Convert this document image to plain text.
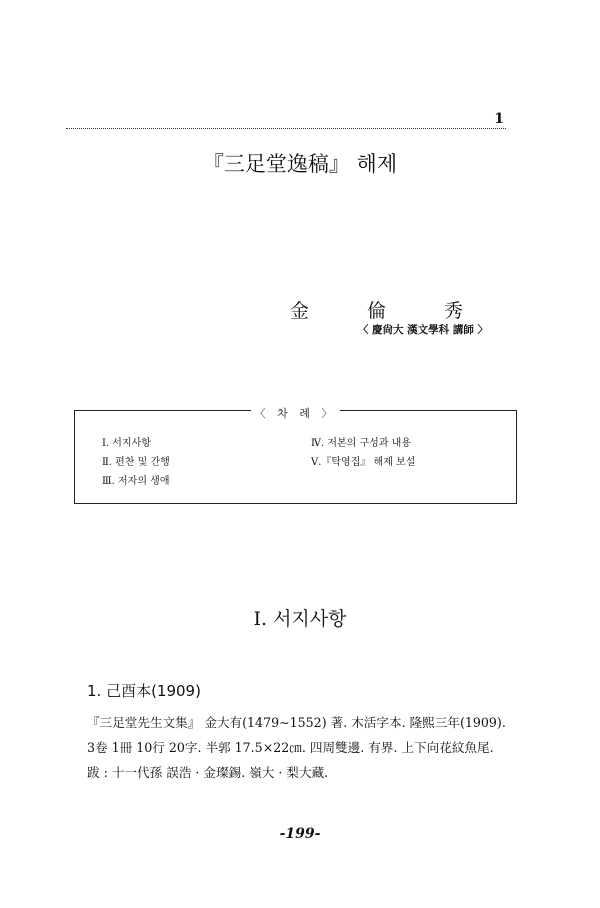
1
『三足堂逸稿』 해제
金 倫 秀
〈 慶尙大 漢文學科 講師 〉
〈 차 례 〉
Ⅰ. 서지사항
Ⅱ. 편찬 및 간행
Ⅲ. 저자의 생애
Ⅳ. 저본의 구성과 내용
Ⅴ.『탁영집』 해제 보설
Ⅰ. 서지사항
1. 己酉本(1909)
『三足堂先生文集』 金大有(1479∼1552) 著. 木活字本. 隆熙三年(1909).
3卷 1冊 10行 20字. 半郭 17.5×22㎝. 四周雙邊. 有界. 上下向花紋魚尾.
跋 : 十一代孫 誤浩 · 金璨錫. 嶺大 · 梨大藏.
-199-
